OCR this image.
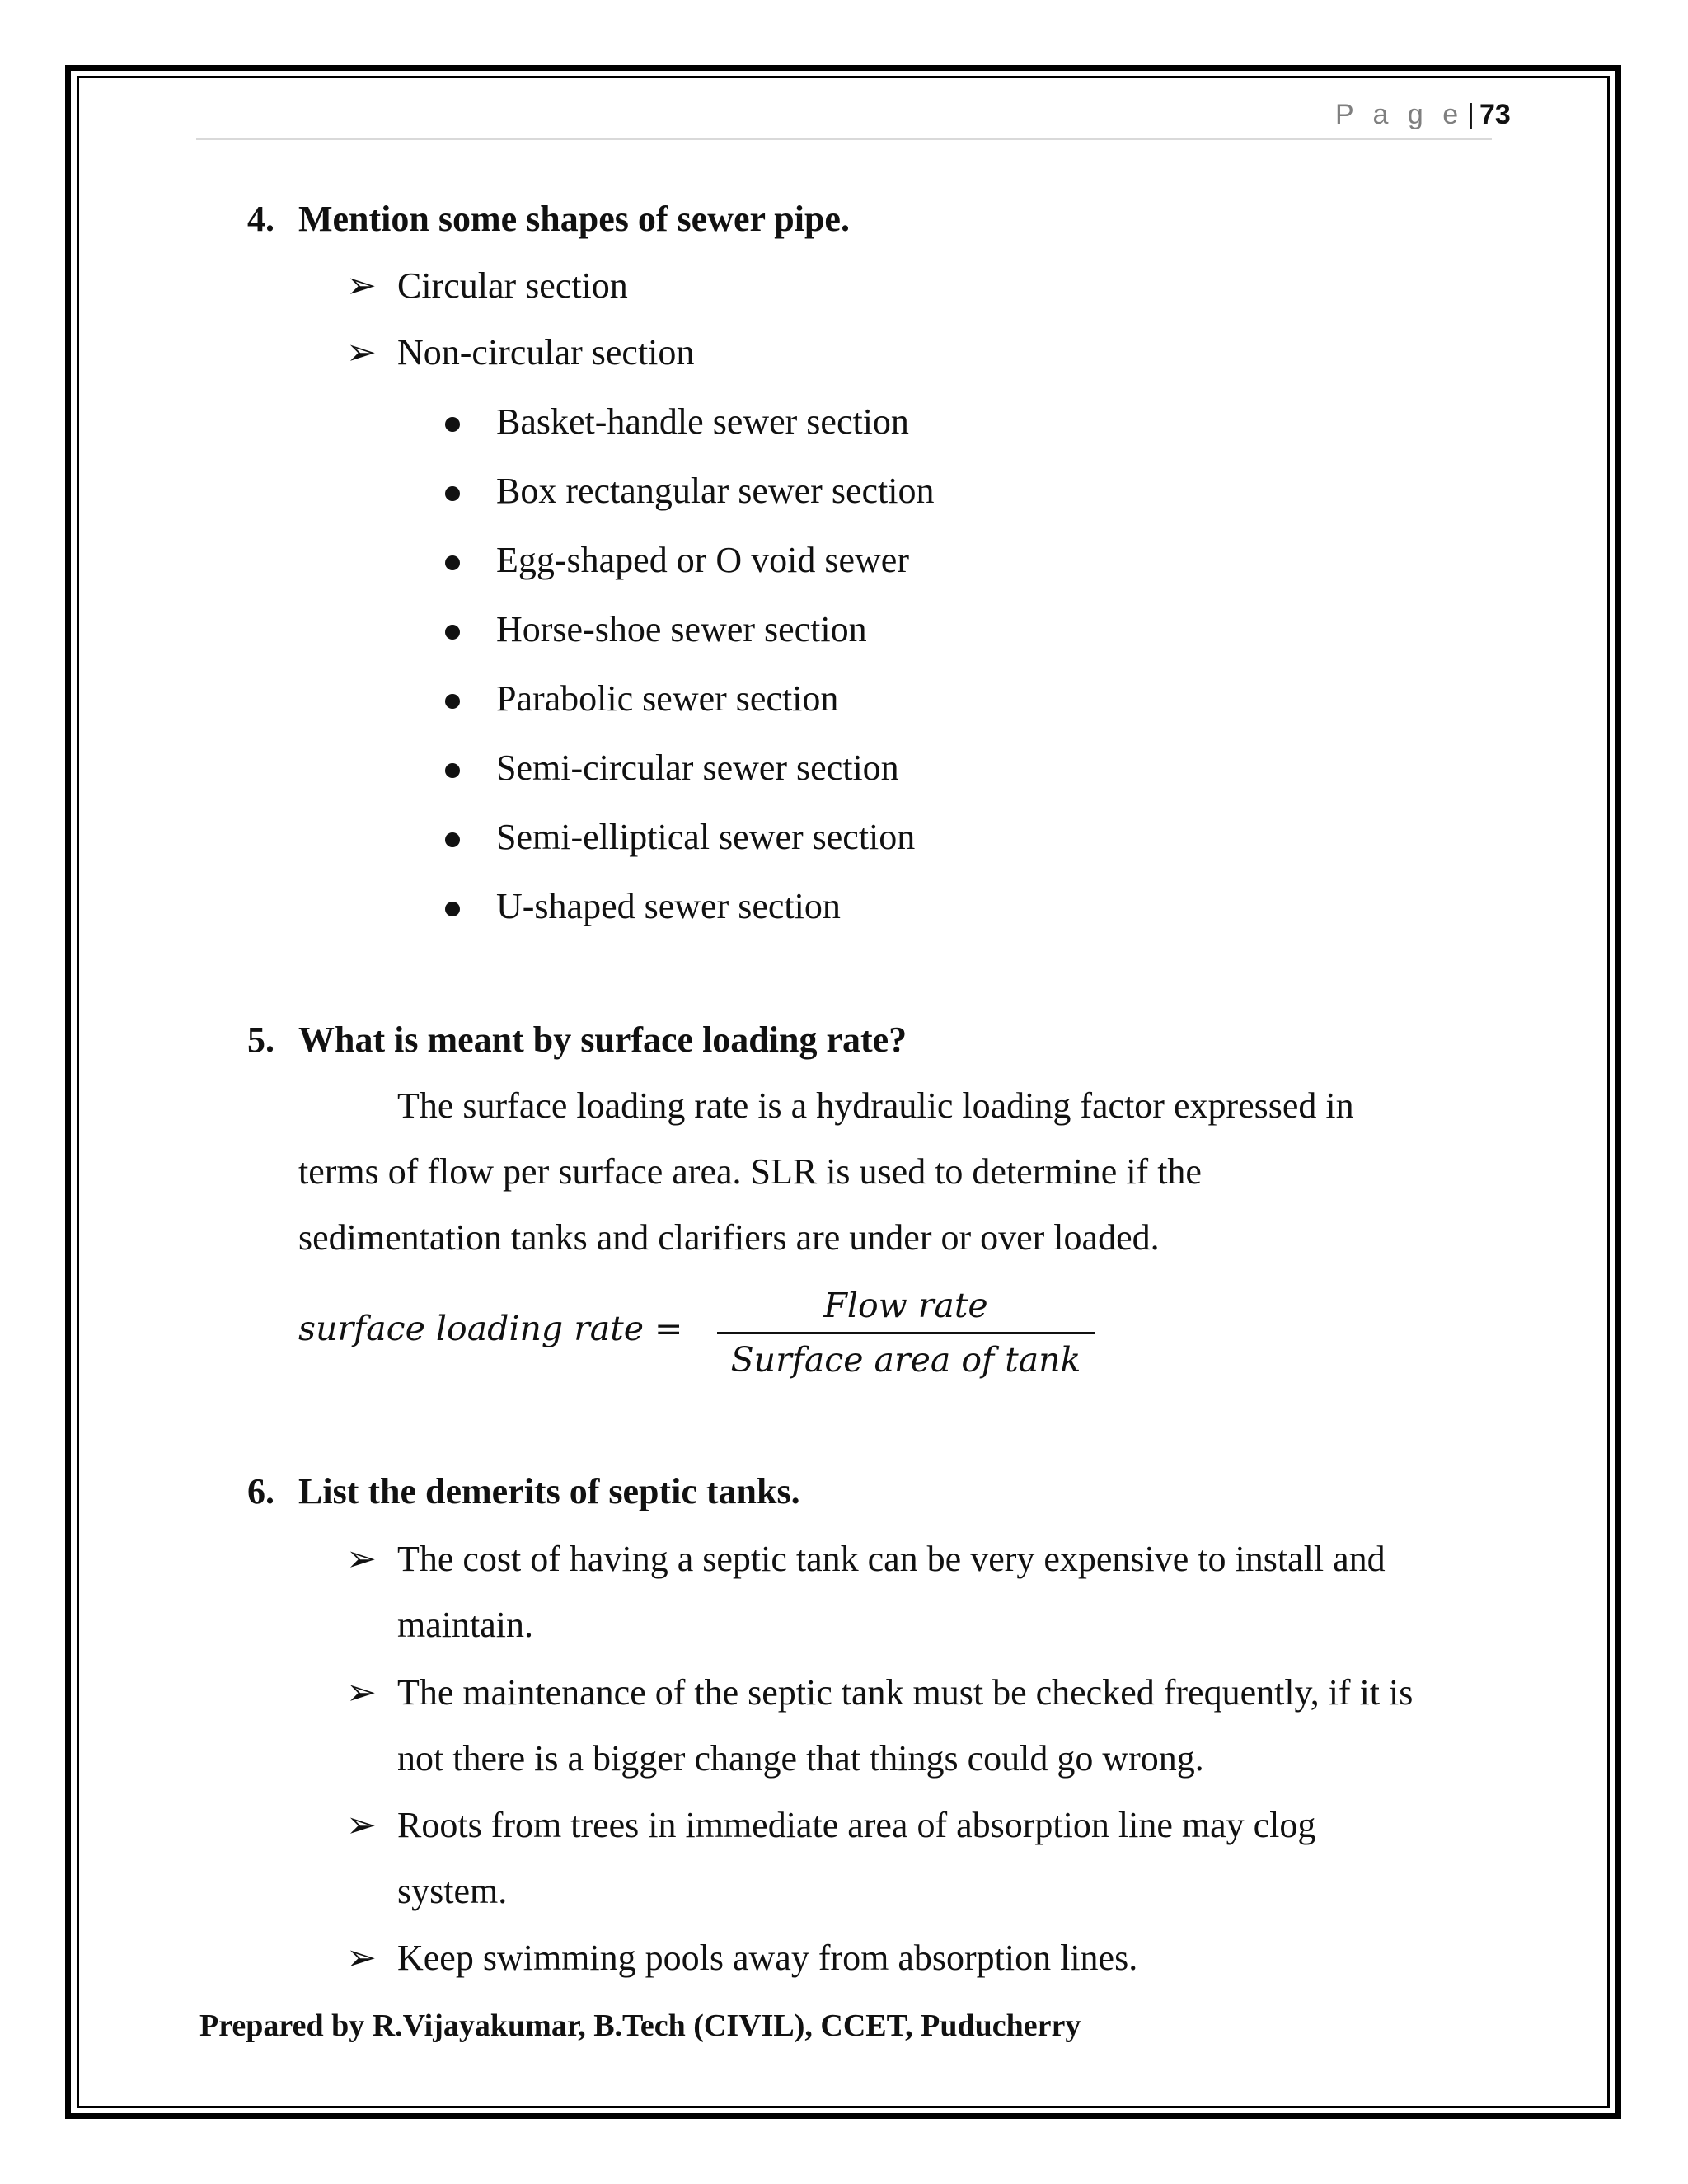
P a g e | 73
4. Mention some shapes of sewer pipe.
➢ Circular section
➢ Non-circular section
Basket-handle sewer section
Box rectangular sewer section
Egg-shaped or O void sewer
Horse-shoe sewer section
Parabolic sewer section
Semi-circular sewer section
Semi-elliptical sewer section
U-shaped sewer section
5. What is meant by surface loading rate?
The surface loading rate is a hydraulic loading factor expressed in
terms of flow per surface area. SLR is used to determine if the
sedimentation tanks and clarifiers are under or over loaded.
surface loading rate =
Flow rate
Surface area of tank
6. List the demerits of septic tanks.
➢ The cost of having a septic tank can be very expensive to install and
maintain.
➢ The maintenance of the septic tank must be checked frequently, if it is
not there is a bigger change that things could go wrong.
➢ Roots from trees in immediate area of absorption line may clog
system.
➢ Keep swimming pools away from absorption lines.
Prepared by R.Vijayakumar, B.Tech (CIVIL), CCET, Puducherry
